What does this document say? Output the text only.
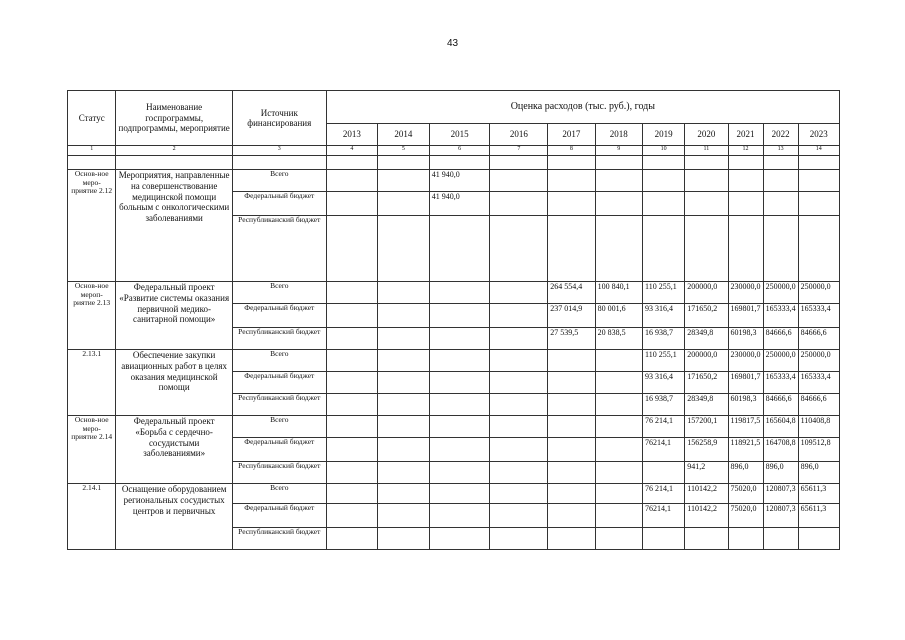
43
Статус	Наименование госпрограммы, подпрограммы, мероприятие	Источник финансирования	Оценка расходов (тыс. руб.), годы										
			2013	2014	2015	2016	2017	2018	2019	2020	2021	2022	2023
1	2	3	4	5	6	7	8	9	10	11	12	13	14

Основ-ное меро-приятие 2.12	Мероприятия, направленные на совершенствование медицинской помощи больным с онкологическими заболеваниями	Всего			41 940,0								
		Федеральный бюджет			41 940,0								
		Республиканский бюджет											
Основ-ное мероп-риятие 2.13	Федеральный проект «Развитие системы оказания первичной медико-санитарной помощи»	Всего					264 554,4	100 840,1	110 255,1	200000,0	230000,0	250000,0	250000,0
		Федеральный бюджет					237 014,9	80 001,6	93 316,4	171650,2	169801,7	165333,4	165333,4
		Республиканский бюджет					27 539,5	20 838,5	16 938,7	28349,8	60198,3	84666,6	84666,6
2.13.1	Обеспечение закупки авиационных работ в целях оказания медицинской помощи	Всего							110 255,1	200000,0	230000,0	250000,0	250000,0
		Федеральный бюджет							93 316,4	171650,2	169801,7	165333,4	165333,4
		Республиканский бюджет							16 938,7	28349,8	60198,3	84666,6	84666,6
Основ-ное меро-приятие 2.14	Федеральный проект «Борьба с сердечно-сосудистыми заболеваниями»	Всего							76 214,1	157200,1	119817,5	165604,8	110408,8
		Федеральный бюджет							76214,1	156258,9	118921,5	164708,8	109512,8
		Республиканский бюджет								941,2	896,0	896,0	896,0
2.14.1	Оснащение оборудованием региональных сосудистых центров и первичных	Всего							76 214,1	110142,2	75020,0	120807,3	65611,3
		Федеральный бюджет							76214,1	110142,2	75020,0	120807,3	65611,3
		Республиканский бюджет											
